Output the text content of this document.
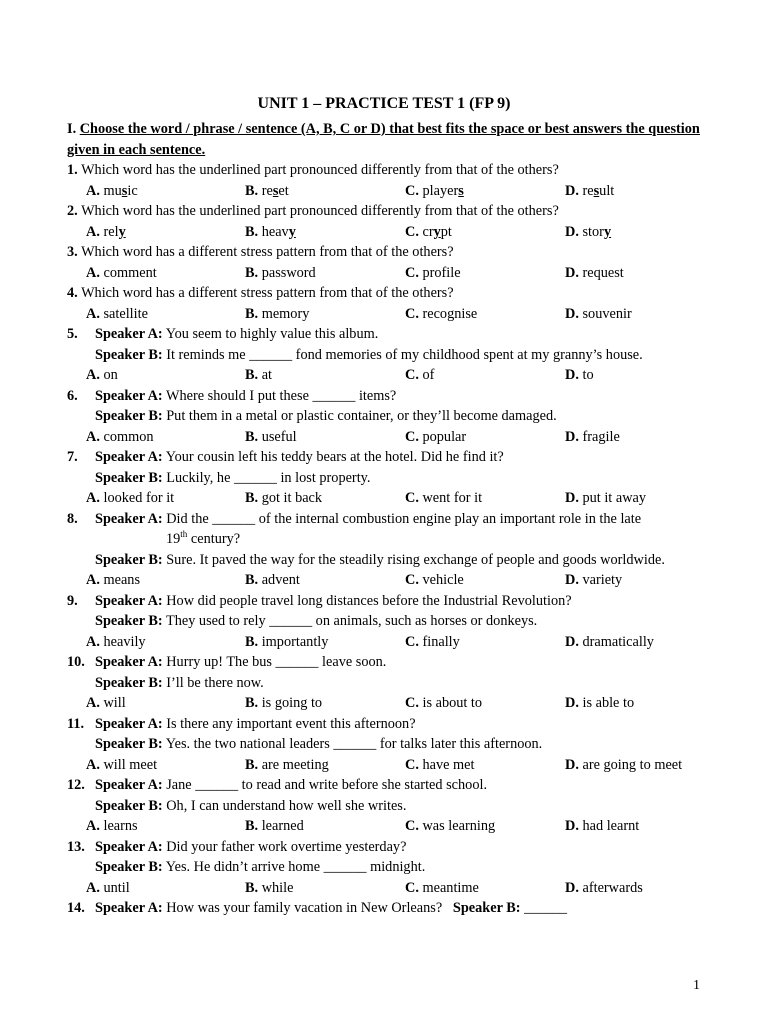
UNIT 1 – PRACTICE TEST 1 (FP 9)
I. Choose the word / phrase / sentence (A, B, C or D) that best fits the space or best answers the question given in each sentence.
1. Which word has the underlined part pronounced differently from that of the others?
A. music	B. reset	C. players	D. result
2. Which word has the underlined part pronounced differently from that of the others?
A. rely	B. heavy	C. crypt	D. story
3. Which word has a different stress pattern from that of the others?
A. comment	B. password	C. profile	D. request
4. Which word has a different stress pattern from that of the others?
A. satellite	B. memory	C. recognise	D. souvenir
5. Speaker A: You seem to highly value this album.
Speaker B: It reminds me ______ fond memories of my childhood spent at my granny’s house.
A. on	B. at	C. of	D. to
6. Speaker A: Where should I put these ______ items?
Speaker B: Put them in a metal or plastic container, or they’ll become damaged.
A. common	B. useful	C. popular	D. fragile
7. Speaker A: Your cousin left his teddy bears at the hotel. Did he find it?
Speaker B: Luckily, he ______ in lost property.
A. looked for it	B. got it back	C. went for it	D. put it away
8. Speaker A: Did the ______ of the internal combustion engine play an important role in the late
19th century?
Speaker B: Sure. It paved the way for the steadily rising exchange of people and goods worldwide.
A. means	B. advent	C. vehicle	D. variety
9. Speaker A: How did people travel long distances before the Industrial Revolution?
Speaker B: They used to rely ______ on animals, such as horses or donkeys.
A. heavily	B. importantly	C. finally	D. dramatically
10. Speaker A: Hurry up! The bus ______ leave soon.
Speaker B: I’ll be there now.
A. will	B. is going to	C. is about to	D. is able to
11. Speaker A: Is there any important event this afternoon?
Speaker B: Yes. the two national leaders ______ for talks later this afternoon.
A. will meet	B. are meeting	C. have met	D. are going to meet
12. Speaker A: Jane ______ to read and write before she started school.
Speaker B: Oh, I can understand how well she writes.
A. learns	B. learned	C. was learning	D. had learnt
13. Speaker A: Did your father work overtime yesterday?
Speaker B: Yes. He didn’t arrive home ______ midnight.
A. until	B. while	C. meantime	D. afterwards
14. Speaker A: How was your family vacation in New Orleans? Speaker B: ______
1
